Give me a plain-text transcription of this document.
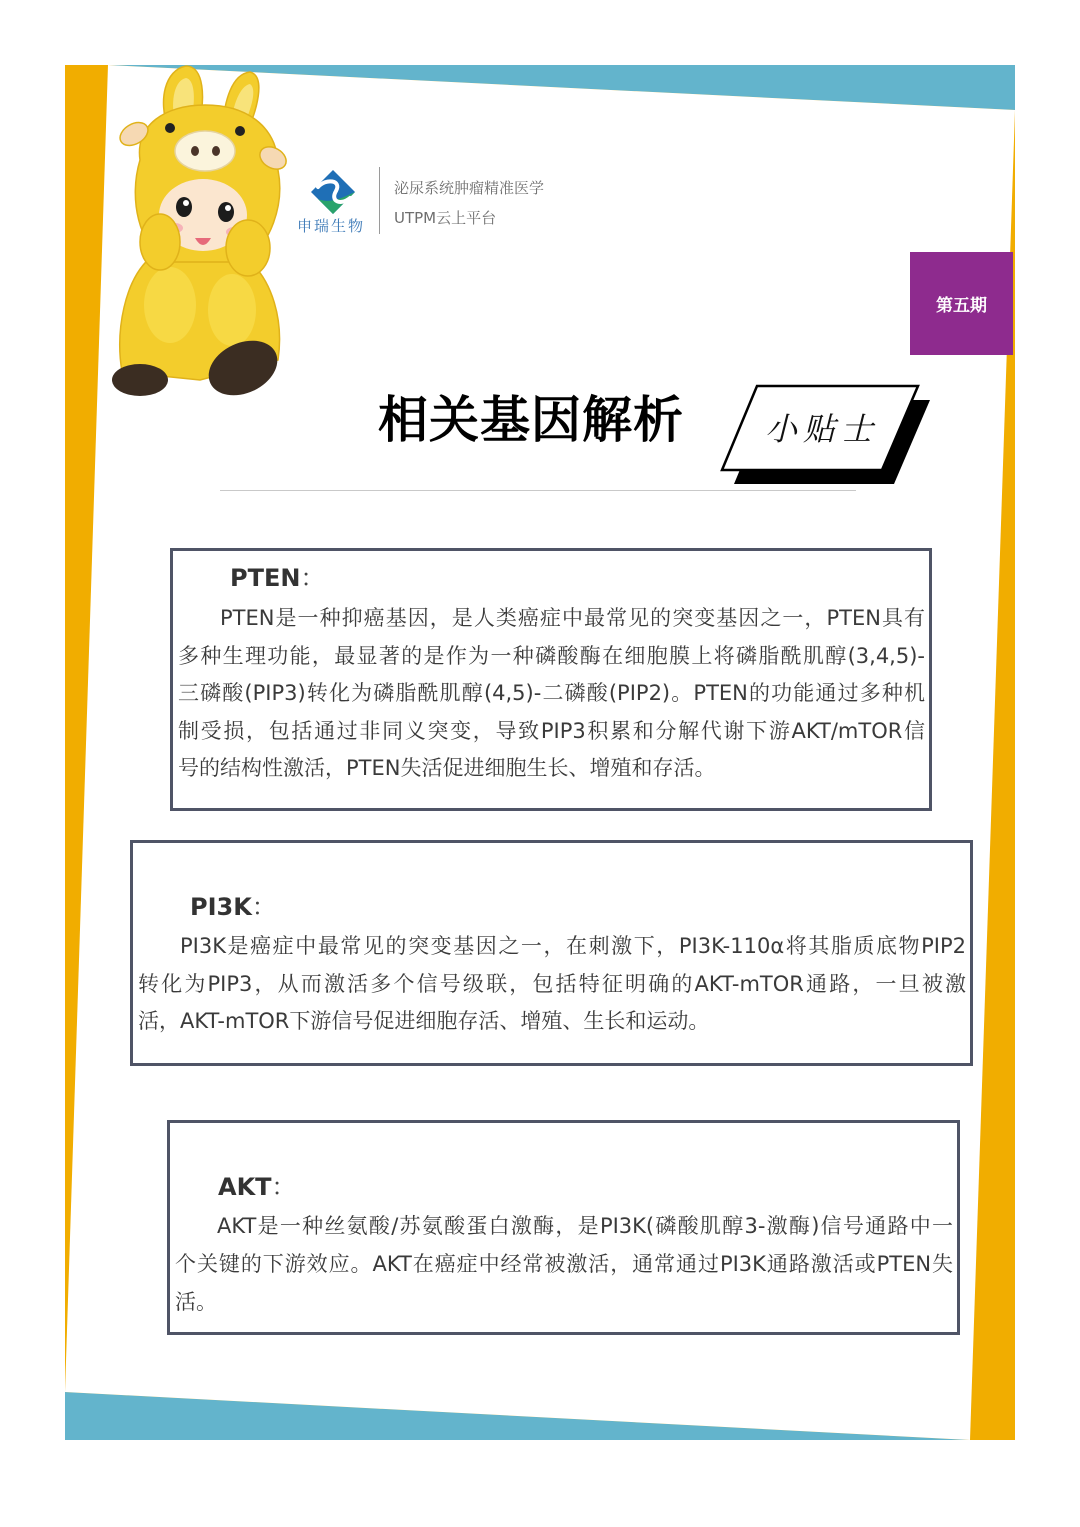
申瑞生物
泌尿系统肿瘤精准医学
UTPM云上平台
第五期
相关基因解析	小贴士
PTEN：
PTEN是一种抑癌基因，是人类癌症中最常见的突变基因之一，PTEN具有
多种生理功能，最显著的是作为一种磷酸酶在细胞膜上将磷脂酰肌醇(3,4,5)-
三磷酸(PIP3)转化为磷脂酰肌醇(4,5)-二磷酸(PIP2)。PTEN的功能通过多种机
制受损，包括通过非同义突变，导致PIP3积累和分解代谢下游AKT/mTOR信
号的结构性激活，PTEN失活促进细胞生长、增殖和存活。
PI3K：
PI3K是癌症中最常见的突变基因之一，在刺激下，PI3K-110α将其脂质底物PIP2
转化为PIP3，从而激活多个信号级联，包括特征明确的AKT-mTOR通路，一旦被激
活，AKT-mTOR下游信号促进细胞存活、增殖、生长和运动。
AKT：
AKT是一种丝氨酸/苏氨酸蛋白激酶，是PI3K(磷酸肌醇3-激酶)信号通路中一
个关键的下游效应。AKT在癌症中经常被激活，通常通过PI3K通路激活或PTEN失
活。
